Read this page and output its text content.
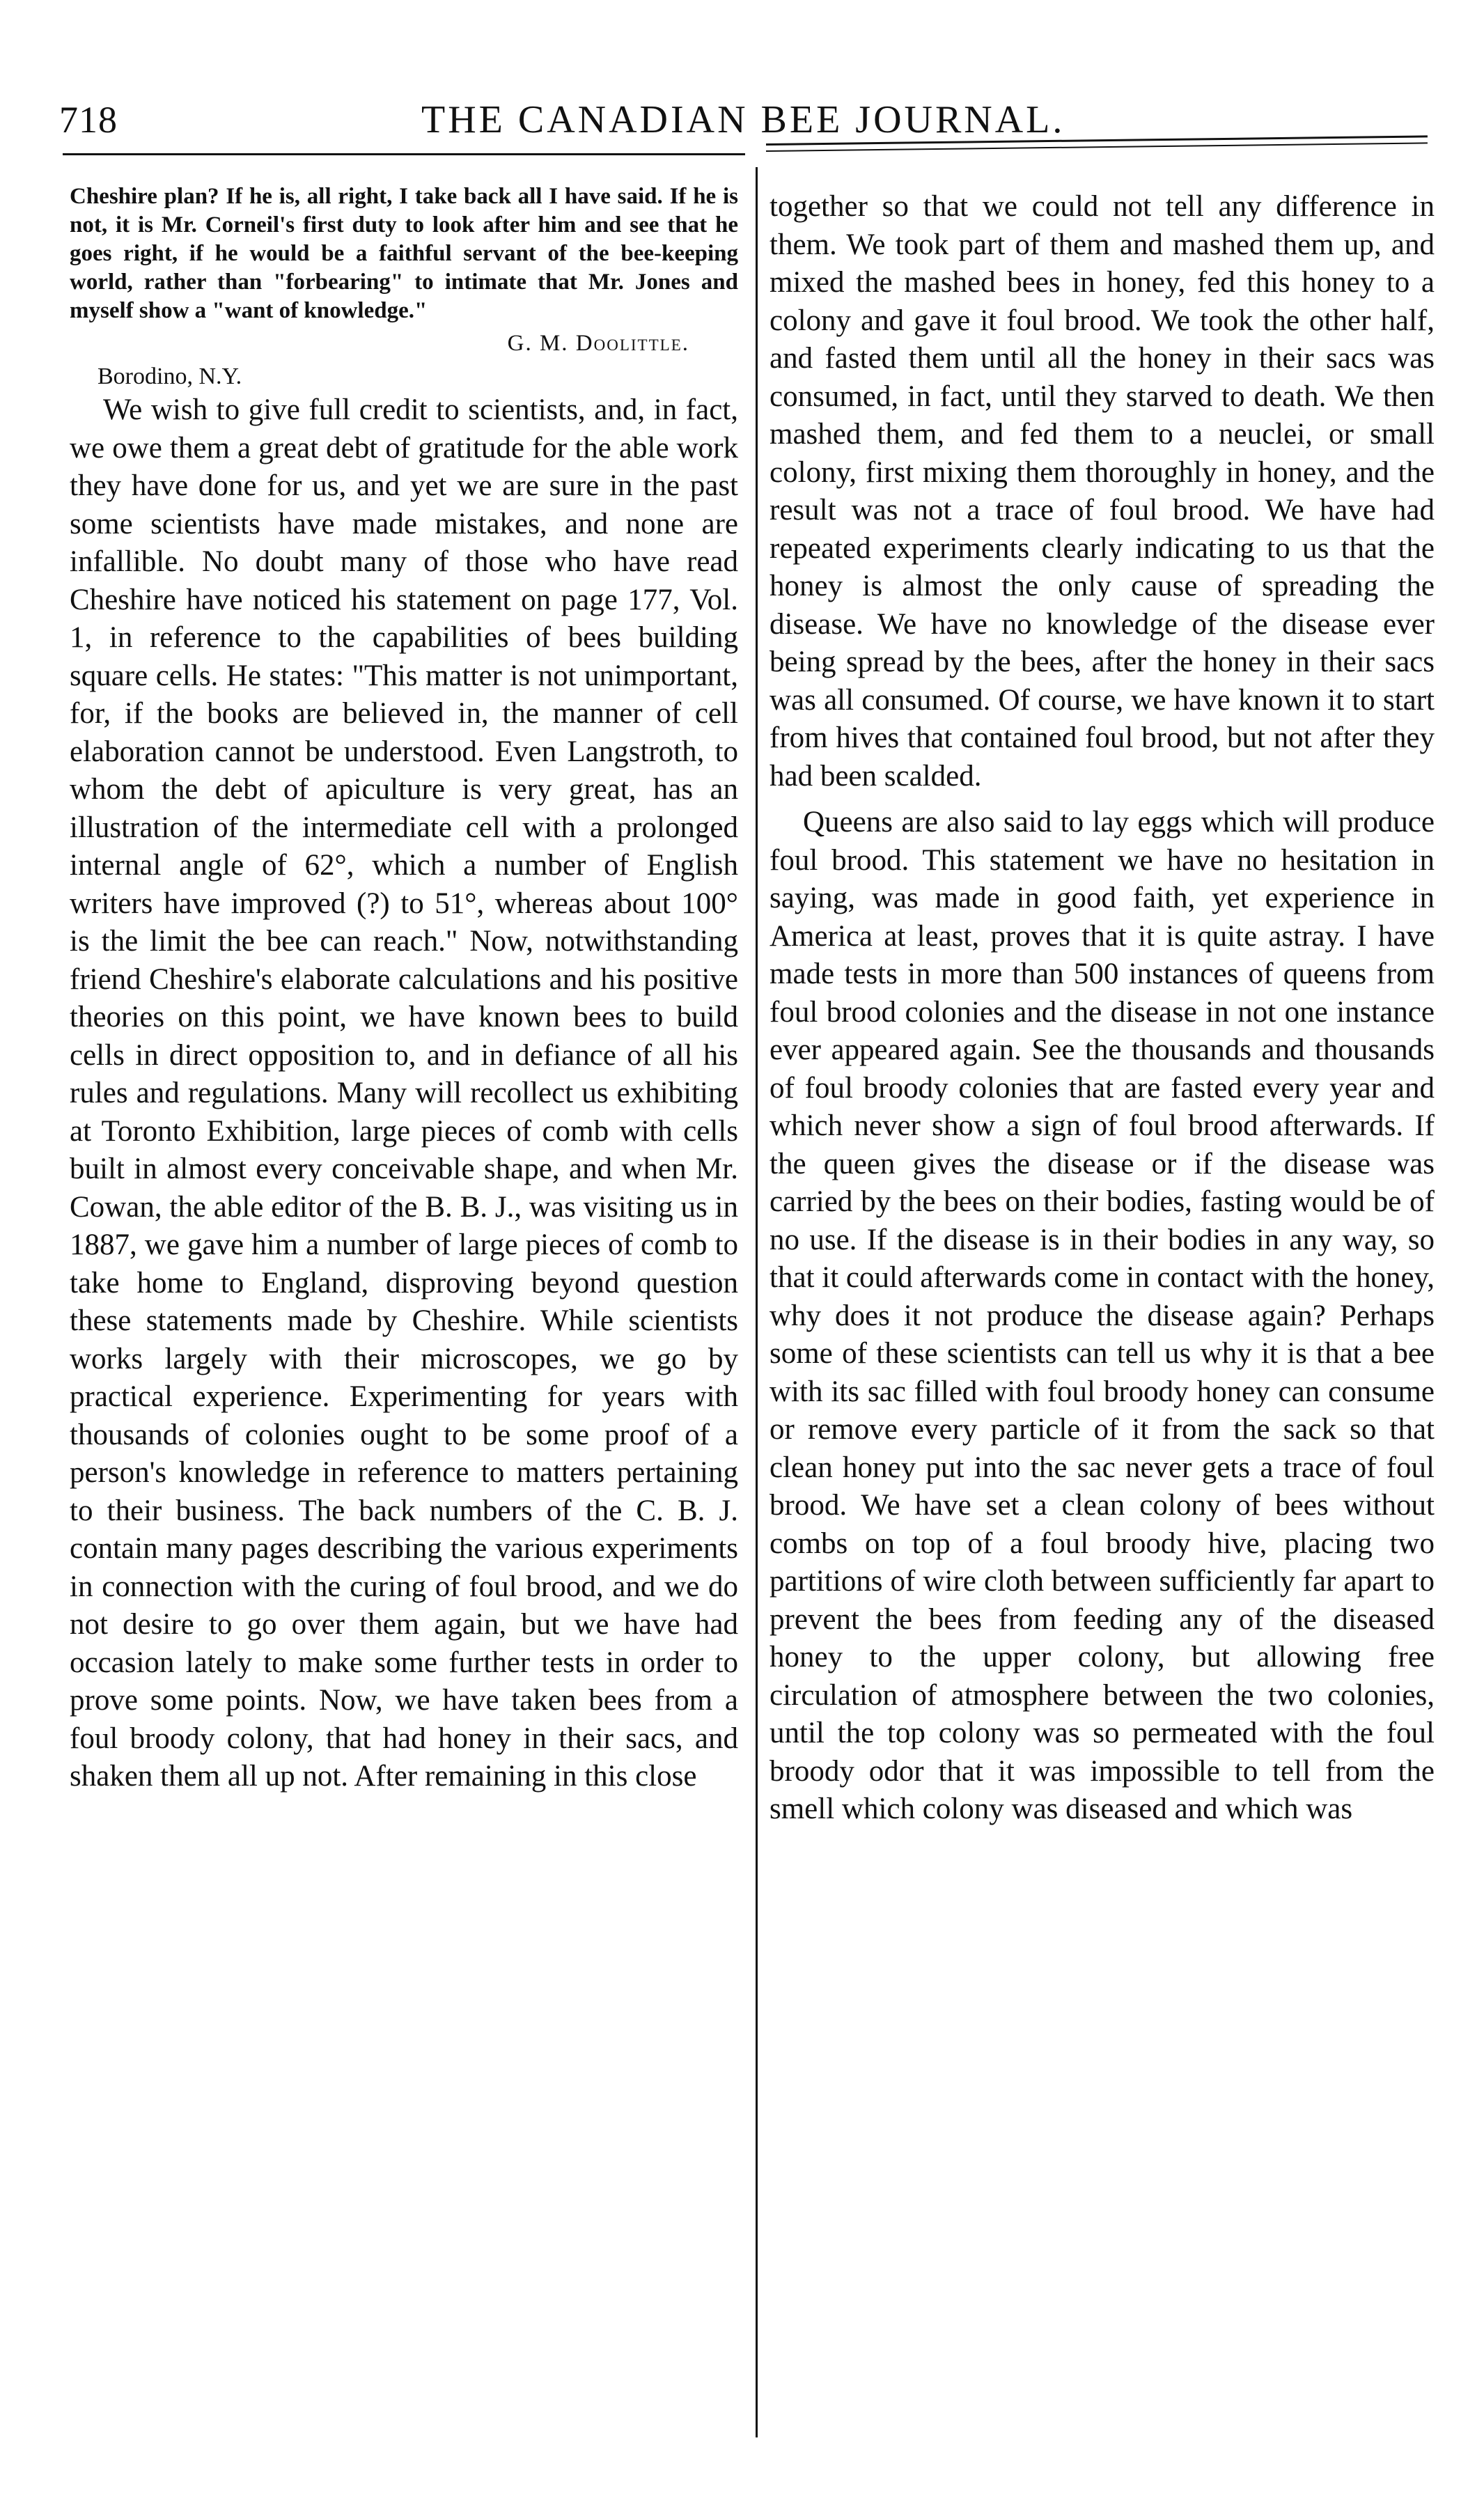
718	THE CANADIAN BEE JOURNAL.

Cheshire plan? If he is, all right, I take back all I have said. If he is not, it is Mr. Corneil's first duty to look after him and see that he goes right, if he would be a faithful servant of the bee-keeping world, rather than "forbearing" to intimate that Mr. Jones and myself show a "want of knowledge."

G. M. Doolittle.

Borodino, N.Y.

We wish to give full credit to scientists, and, in fact, we owe them a great debt of gratitude for the able work they have done for us, and yet we are sure in the past some scientists have made mistakes, and none are infallible. No doubt many of those who have read Cheshire have noticed his statement on page 177, Vol. 1, in reference to the capabilities of bees building square cells. He states: "This matter is not unimportant, for, if the books are believed in, the manner of cell elaboration cannot be understood. Even Langstroth, to whom the debt of apiculture is very great, has an illustration of the intermediate cell with a prolonged internal angle of 62°, which a number of English writers have improved (?) to 51°, whereas about 100° is the limit the bee can reach." Now, notwithstanding friend Cheshire's elaborate calculations and his positive theories on this point, we have known bees to build cells in direct opposition to, and in defiance of all his rules and regulations. Many will recollect us exhibiting at Toronto Exhibition, large pieces of comb with cells built in almost every conceivable shape, and when Mr. Cowan, the able editor of the B. B. J., was visiting us in 1887, we gave him a number of large pieces of comb to take home to England, disproving beyond question these statements made by Cheshire. While scientists works largely with their microscopes, we go by practical experience. Experimenting for years with thousands of colonies ought to be some proof of a person's knowledge in reference to matters pertaining to their business. The back numbers of the C. B. J. contain many pages describing the various experiments in connection with the curing of foul brood, and we do not desire to go over them again, but we have had occasion lately to make some further tests in order to prove some points. Now, we have taken bees from a foul broody colony, that had honey in their sacs, and shaken them all up not. After remaining in this close

together so that we could not tell any difference in them. We took part of them and mashed them up, and mixed the mashed bees in honey, fed this honey to a colony and gave it foul brood. We took the other half, and fasted them until all the honey in their sacs was consumed, in fact, until they starved to death. We then mashed them, and fed them to a neuclei, or small colony, first mixing them thoroughly in honey, and the result was not a trace of foul brood. We have had repeated experiments clearly indicating to us that the honey is almost the only cause of spreading the disease. We have no knowledge of the disease ever being spread by the bees, after the honey in their sacs was all consumed. Of course, we have known it to start from hives that contained foul brood, but not after they had been scalded.

Queens are also said to lay eggs which will produce foul brood. This statement we have no hesitation in saying, was made in good faith, yet experience in America at least, proves that it is quite astray. I have made tests in more than 500 instances of queens from foul brood colonies and the disease in not one instance ever appeared again. See the thousands and thousands of foul broody colonies that are fasted every year and which never show a sign of foul brood afterwards. If the queen gives the disease or if the disease was carried by the bees on their bodies, fasting would be of no use. If the disease is in their bodies in any way, so that it could afterwards come in contact with the honey, why does it not produce the disease again? Perhaps some of these scientists can tell us why it is that a bee with its sac filled with foul broody honey can consume or remove every particle of it from the sack so that clean honey put into the sac never gets a trace of foul brood. We have set a clean colony of bees without combs on top of a foul broody hive, placing two partitions of wire cloth between sufficiently far apart to prevent the bees from feeding any of the diseased honey to the upper colony, but allowing free circulation of atmosphere between the two colonies, until the top colony was so permeated with the foul broody odor that it was impossible to tell from the smell which colony was diseased and which was
